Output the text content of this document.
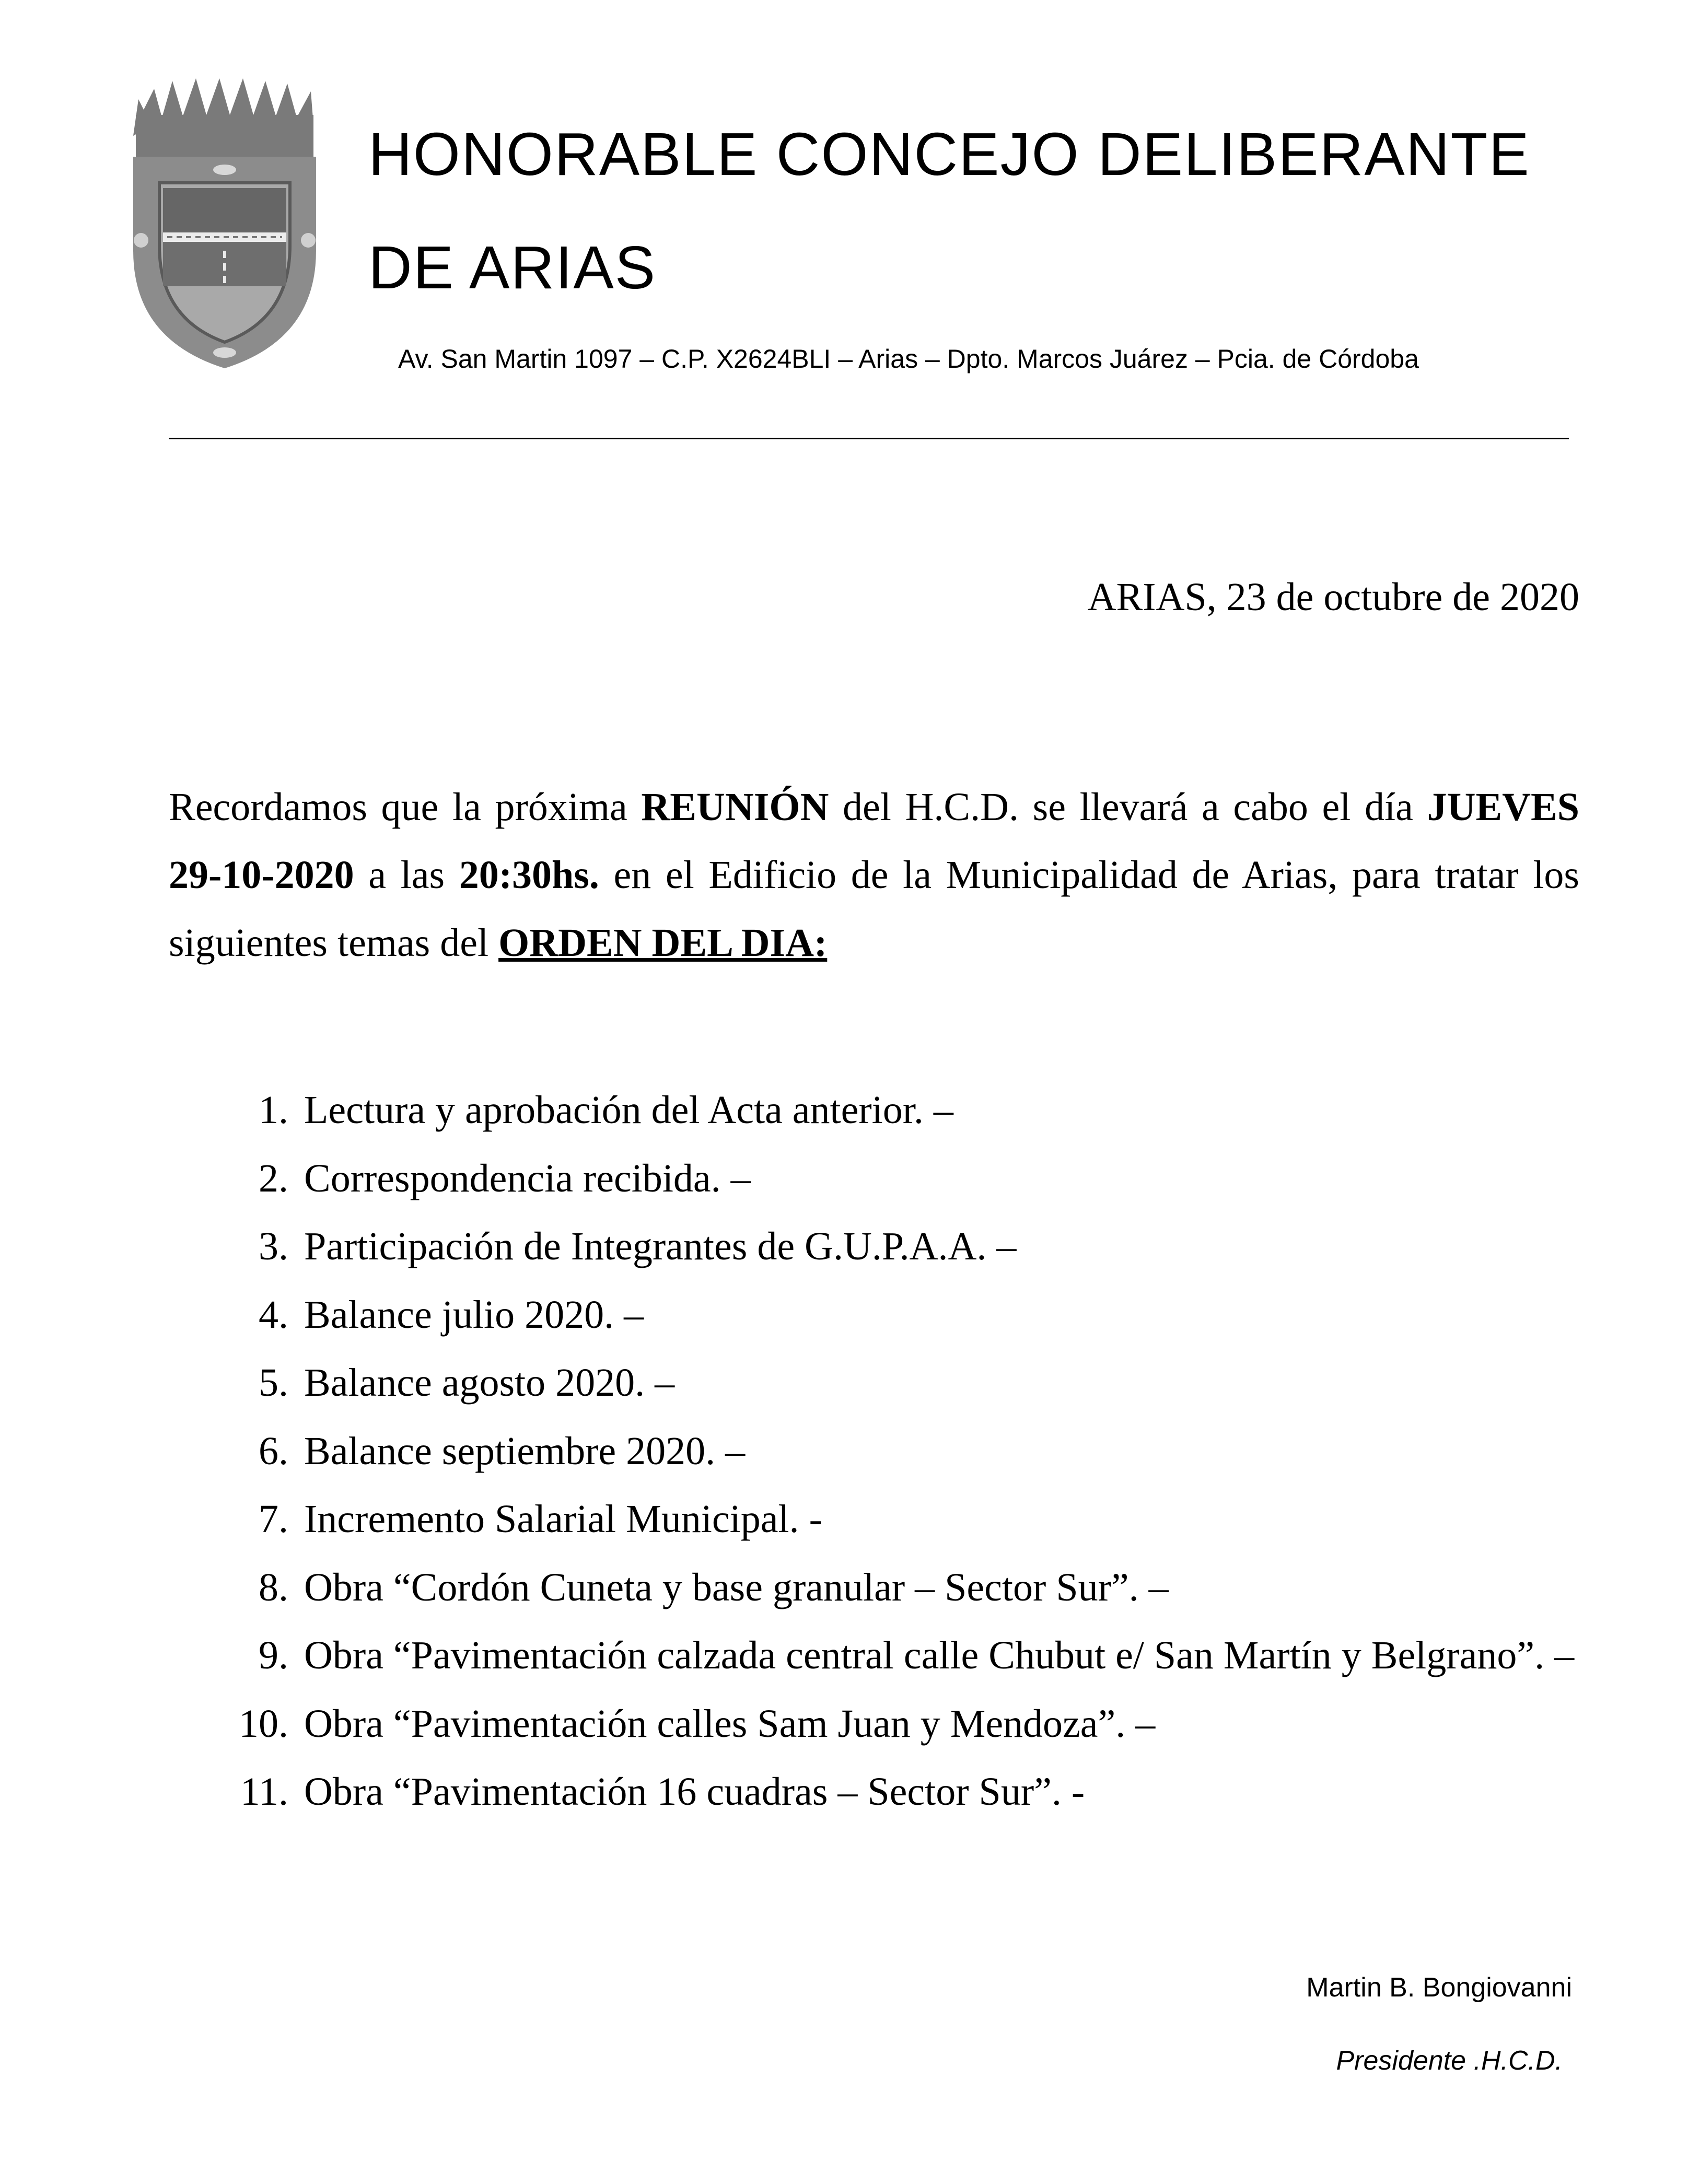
HONORABLE CONCEJO DELIBERANTE
DE ARIAS
Av. San Martin 1097 – C.P. X2624BLI – Arias – Dpto. Marcos Juárez – Pcia. de Córdoba
ARIAS, 23 de octubre de 2020
Recordamos que la próxima REUNIÓN del H.C.D. se llevará a cabo el día JUEVES 29-10-2020 a las 20:30hs. en el Edificio de la Municipalidad de Arias, para tratar los siguientes temas del ORDEN DEL DIA:
1. Lectura y aprobación del Acta anterior. –
2. Correspondencia recibida. –
3. Participación de Integrantes de G.U.P.A.A. –
4. Balance julio 2020. –
5. Balance agosto 2020. –
6. Balance septiembre 2020. –
7. Incremento Salarial Municipal. -
8. Obra “Cordón Cuneta y base granular – Sector Sur”. –
9. Obra “Pavimentación calzada central calle Chubut e/ San Martín y Belgrano”. –
10. Obra “Pavimentación calles Sam Juan y Mendoza”. –
11. Obra “Pavimentación 16 cuadras – Sector Sur”. -
Martin B. Bongiovanni
Presidente .H.C.D.
